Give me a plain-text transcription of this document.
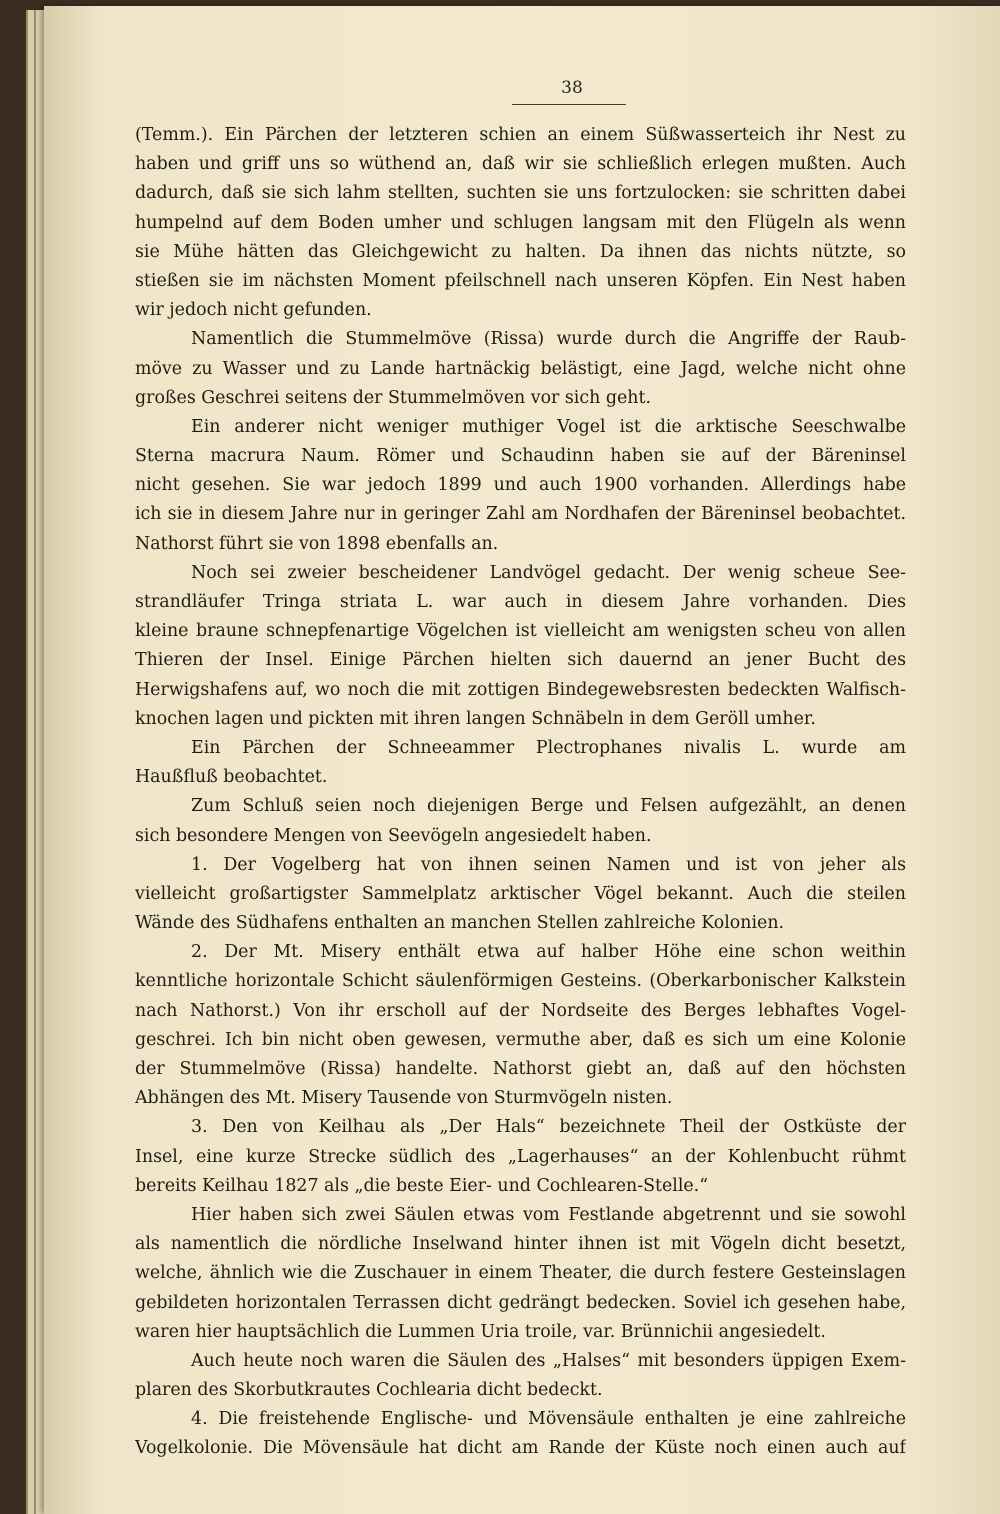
38
(Temm.). Ein Pärchen der letzteren schien an einem Süßwasserteich ihr Nest zu
haben und griff uns so wüthend an, daß wir sie schließlich erlegen mußten. Auch
dadurch, daß sie sich lahm stellten, suchten sie uns fortzulocken: sie schritten dabei
humpelnd auf dem Boden umher und schlugen langsam mit den Flügeln als wenn
sie Mühe hätten das Gleichgewicht zu halten. Da ihnen das nichts nützte, so
stießen sie im nächsten Moment pfeilschnell nach unseren Köpfen. Ein Nest haben
wir jedoch nicht gefunden.
Namentlich die Stummelmöve (Rissa) wurde durch die Angriffe der Raub-
möve zu Wasser und zu Lande hartnäckig belästigt, eine Jagd, welche nicht ohne
großes Geschrei seitens der Stummelmöven vor sich geht.
Ein anderer nicht weniger muthiger Vogel ist die arktische Seeschwalbe
Sterna macrura Naum. Römer und Schaudinn haben sie auf der Bäreninsel
nicht gesehen. Sie war jedoch 1899 und auch 1900 vorhanden. Allerdings habe
ich sie in diesem Jahre nur in geringer Zahl am Nordhafen der Bäreninsel beobachtet.
Nathorst führt sie von 1898 ebenfalls an.
Noch sei zweier bescheidener Landvögel gedacht. Der wenig scheue See-
strandläufer Tringa striata L. war auch in diesem Jahre vorhanden. Dies
kleine braune schnepfenartige Vögelchen ist vielleicht am wenigsten scheu von allen
Thieren der Insel. Einige Pärchen hielten sich dauernd an jener Bucht des
Herwigshafens auf, wo noch die mit zottigen Bindegewebsresten bedeckten Walfisch-
knochen lagen und pickten mit ihren langen Schnäbeln in dem Geröll umher.
Ein Pärchen der Schneeammer Plectrophanes nivalis L. wurde am
Haußfluß beobachtet.
Zum Schluß seien noch diejenigen Berge und Felsen aufgezählt, an denen
sich besondere Mengen von Seevögeln angesiedelt haben.
1. Der Vogelberg hat von ihnen seinen Namen und ist von jeher als
vielleicht großartigster Sammelplatz arktischer Vögel bekannt. Auch die steilen
Wände des Südhafens enthalten an manchen Stellen zahlreiche Kolonien.
2. Der Mt. Misery enthält etwa auf halber Höhe eine schon weithin
kenntliche horizontale Schicht säulenförmigen Gesteins. (Oberkarbonischer Kalkstein
nach Nathorst.) Von ihr erscholl auf der Nordseite des Berges lebhaftes Vogel-
geschrei. Ich bin nicht oben gewesen, vermuthe aber, daß es sich um eine Kolonie
der Stummelmöve (Rissa) handelte. Nathorst giebt an, daß auf den höchsten
Abhängen des Mt. Misery Tausende von Sturmvögeln nisten.
3. Den von Keilhau als „Der Hals“ bezeichnete Theil der Ostküste der
Insel, eine kurze Strecke südlich des „Lagerhauses“ an der Kohlenbucht rühmt
bereits Keilhau 1827 als „die beste Eier- und Cochlearen-Stelle.“
Hier haben sich zwei Säulen etwas vom Festlande abgetrennt und sie sowohl
als namentlich die nördliche Inselwand hinter ihnen ist mit Vögeln dicht besetzt,
welche, ähnlich wie die Zuschauer in einem Theater, die durch festere Gesteinslagen
gebildeten horizontalen Terrassen dicht gedrängt bedecken. Soviel ich gesehen habe,
waren hier hauptsächlich die Lummen Uria troile, var. Brünnichii angesiedelt.
Auch heute noch waren die Säulen des „Halses“ mit besonders üppigen Exem-
plaren des Skorbutkrautes Cochlearia dicht bedeckt.
4. Die freistehende Englische- und Mövensäule enthalten je eine zahlreiche
Vogelkolonie. Die Mövensäule hat dicht am Rande der Küste noch einen auch auf
